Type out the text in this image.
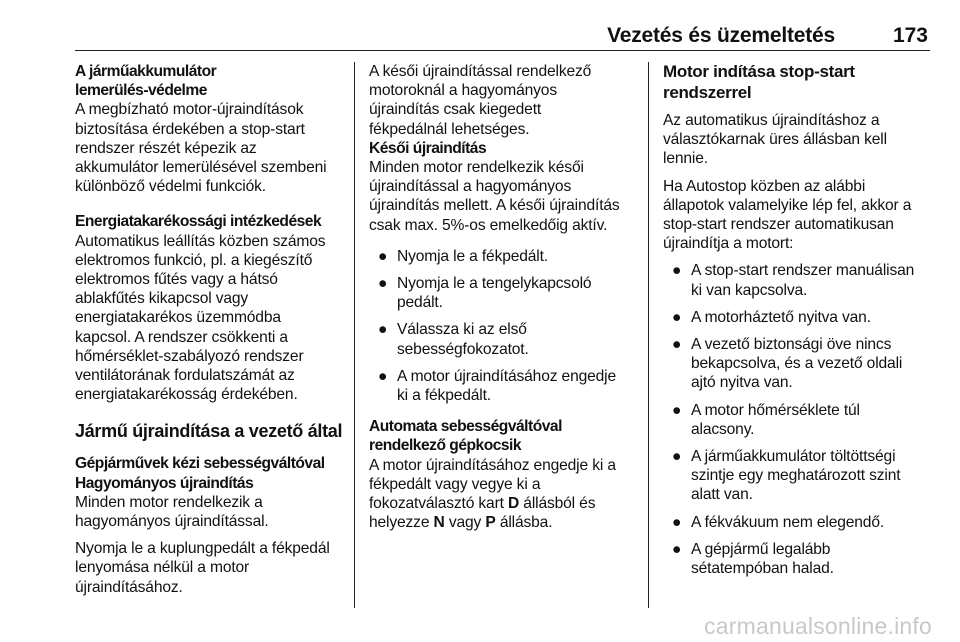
Vezetés és üzemeltetés	173
A járműakkumulátor
lemerülés-védelme
A megbízható motor-újraindítások
biztosítása érdekében a stop-start
rendszer részét képezik az
akkumulátor lemerülésével szembeni
különböző védelmi funkciók.
Energiatakarékossági intézkedések
Automatikus leállítás közben számos
elektromos funkció, pl. a kiegészítő
elektromos fűtés vagy a hátsó
ablakfűtés kikapcsol vagy
energiatakarékos üzemmódba
kapcsol. A rendszer csökkenti a
hőmérséklet-szabályozó rendszer
ventilátorának fordulatszámát az
energiatakarékosság érdekében.
Jármű újraindítása a vezető által
Gépjárművek kézi sebességváltóval
Hagyományos újraindítás
Minden motor rendelkezik a
hagyományos újraindítással.
Nyomja le a kuplungpedált a fékpedál
lenyomása nélkül a motor
újraindításához.
A késői újraindítással rendelkező
motoroknál a hagyományos
újraindítás csak kiegedett
fékpedálnál lehetséges.
Késői újraindítás
Minden motor rendelkezik késői
újraindítással a hagyományos
újraindítás mellett. A késői újraindítás
csak max. 5%-os emelkedőig aktív.
● Nyomja le a fékpedált.
● Nyomja le a tengelykapcsoló
pedált.
● Válassza ki az első
sebességfokozatot.
● A motor újraindításához engedje
ki a fékpedált.
Automata sebességváltóval
rendelkező gépkocsik
A motor újraindításához engedje ki a
fékpedált vagy vegye ki a
fokozatválasztó kart D állásból és
helyezze N vagy P állásba.
Motor indítása stop-start
rendszerrel
Az automatikus újraindításhoz a
választókarnak üres állásban kell
lennie.
Ha Autostop közben az alábbi
állapotok valamelyike lép fel, akkor a
stop-start rendszer automatikusan
újraindítja a motort:
● A stop-start rendszer manuálisan
ki van kapcsolva.
● A motorháztető nyitva van.
● A vezető biztonsági öve nincs
bekapcsolva, és a vezető oldali
ajtó nyitva van.
● A motor hőmérséklete túl
alacsony.
● A járműakkumulátor töltöttségi
szintje egy meghatározott szint
alatt van.
● A fékvákuum nem elegendő.
● A gépjármű legalább
sétatempóban halad.
carmanualsonline.info
